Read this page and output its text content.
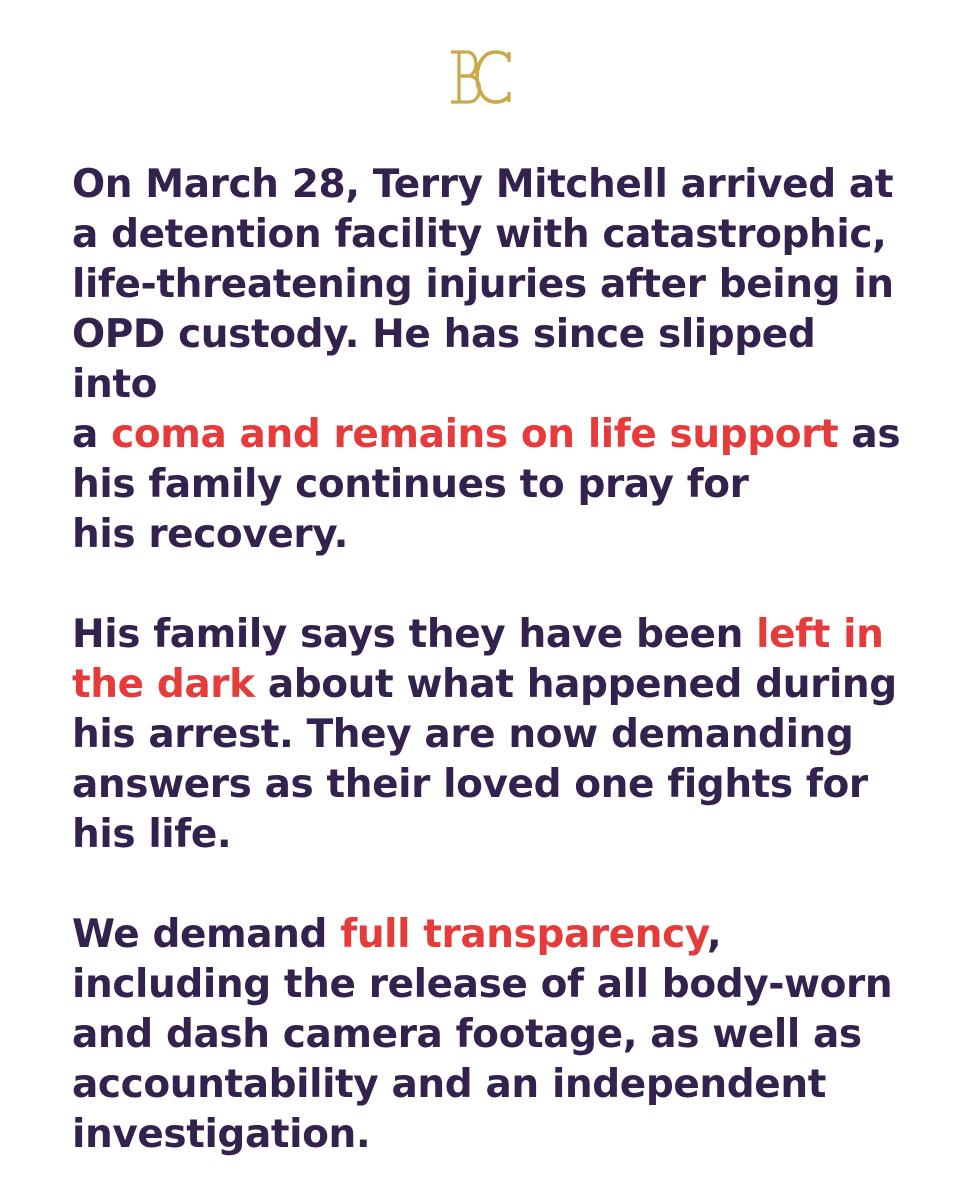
On March 28, Terry Mitchell arrived at
a detention facility with catastrophic,
life-threatening injuries after being in
OPD custody. He has since slipped into
a coma and remains on life support as
his family continues to pray for
his recovery.

His family says they have been left in
the dark about what happened during
his arrest. They are now demanding
answers as their loved one fights for
his life.

We demand full transparency,
including the release of all body-worn
and dash camera footage, as well as
accountability and an independent
investigation.
